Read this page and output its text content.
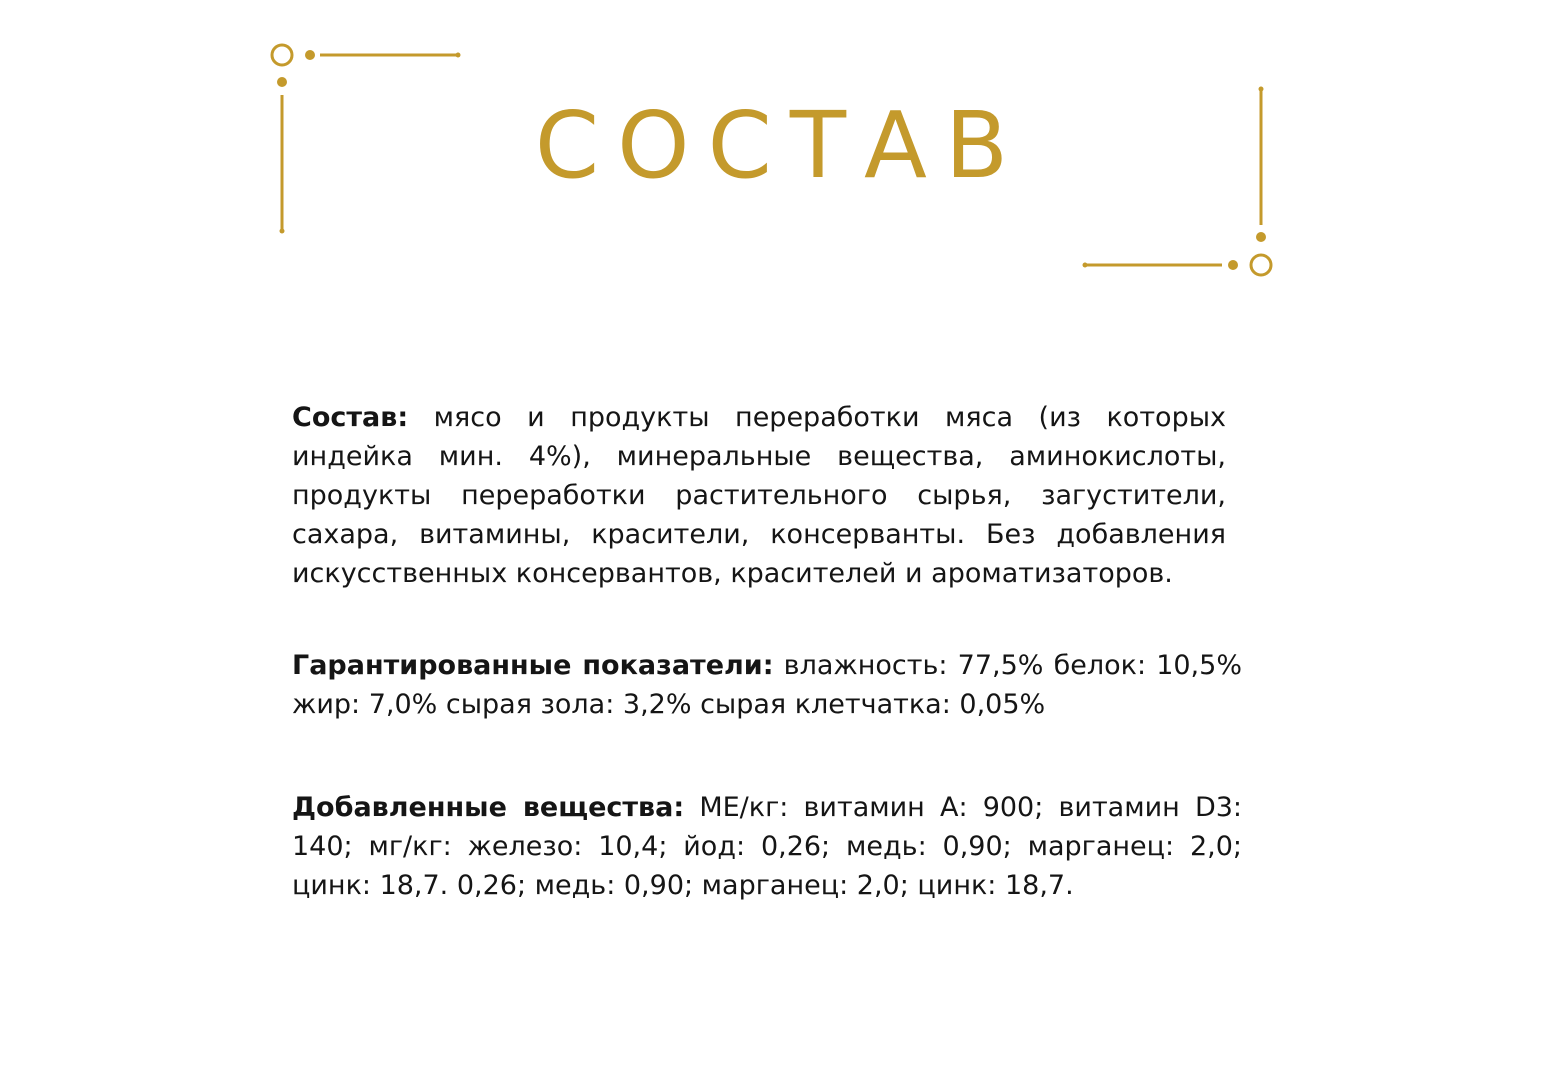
СОСТАВ
Состав: мясо и продукты переработки мяса (из которых индейка мин. 4%), минеральные вещества, аминокислоты, продукты переработки растительного сырья, загустители, сахара, витамины, красители, консерванты. Без добавления искусственных консервантов, красителей и ароматизаторов.
Гарантированные показатели: влажность: 77,5% белок: 10,5% жир: 7,0% сырая зола: 3,2% сырая клетчатка: 0,05%
Добавленные вещества: МЕ/кг: витамин А: 900; витамин D3: 140; мг/кг: железо: 10,4; йод: 0,26; медь: 0,90; марганец: 2,0; цинк: 18,7. 0,26; медь: 0,90; марганец: 2,0; цинк: 18,7.
